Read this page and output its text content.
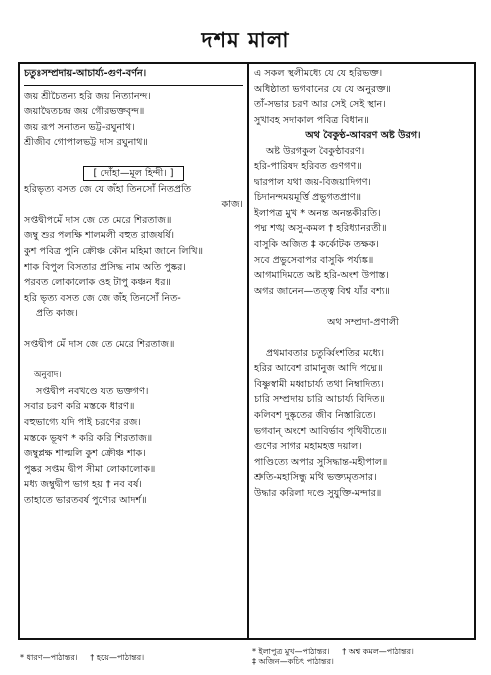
দশম মালা
চতুঃসম্প্রদায়-আচার্য্য-গুণ-বর্ণন।
জয় শ্রীচৈতন্য হরি জয় নিত্যানন্দ।
জয়াদ্বৈতচন্দ্র জয় গৌরভক্তবৃন্দ॥
জয় রূপ সনাতন ভট্ট-রঘুনাথ।
শ্রীজীব গোপালভট্ট দাস রঘুনাথ॥
[ দোঁহা—মূল হিন্দী। ]
হরিভৃত্য বসত জে যে জঁহা তিনসোঁ নিতপ্রতি
কাজ।
সপ্তদ্বীপমেঁ দাস জে তে মেরে শিরতাজ॥
জম্বু শুর পলক্ষি শালমলী বহুত রাজষর্ষি।
কুশ পবিত্র পুনি ক্রৌঞ্চ কৌন মহিমা জানে লিখি॥
শাক বিপুল বিসতার প্রসিদ্ধ নাম অতি পুষ্কর।
পরবত লোকালোক ওহ টাপু কঞ্চন ধর॥
হরি ভৃত্য বসত জে জে জঁহ তিনসোঁ নিত-
প্রতি কাজ।
সপ্তদ্বীপ মেঁ দাস জে তে মেরে শিরতাজ॥
অনুবাদ।
সপ্তদ্বীপ নবখণ্ডে যত ভক্তগণ।
সবার চরণ করি মস্তকে ধারণ॥
বহুভাগ্যে যদি পাই চরণের রজ।
মস্তকে ভূষণ * করি করি শিরতাজ॥
জম্বুপ্লক্ষ শাল্মলি কুশ ক্রৌঞ্চ শাক।
পুষ্কর সপ্তম দ্বীপ সীমা লোকালোক॥
মধ্য জম্বুদ্বীপ ভাগ হয় † নব বর্ষ।
তাহাতে ভারতবর্ষ পুণ্যের আদর্শ॥
এ সকল স্থলীমধ্যে যে যে হরিভক্ত।
অধিষ্ঠাতা ভগবানের যে যে অনুরক্ত॥
তাঁ-সভার চরণ আর সেই সেই স্থান।
সুখাবহ সদাকাল পবিত্র বিধান॥
অথ বৈকুণ্ঠ-আবরণ অষ্ট উরগ।
অষ্ট উরগকুল বৈকুণ্ঠাবরণ।
হরি-পারিষদ হরিবত গুণগণ॥
দ্বারপাল যথা জয়-বিজয়াদিগণ।
চিদানন্দময়মূর্ত্তি প্রভুগতপ্রাণ॥
ইলাপত্র মুখ * অনন্ত অনন্তকীরতি।
পদ্ম শঙ্খ অসু-কমল † হরিধ্যানরতী॥
বাসুকি অজিত ‡ কর্কোটক তক্ষক।
সবে প্রভুসেবাপর বাসুকি পর্য্যঙ্ক॥
আগমাদিমতে অষ্ট হরি-অংশ উপাস্ত।
অগর জানেন—তত্ত্ব বিশ্ব যাঁর বশ্য॥
অথ সম্প্রদা-প্রণালী
প্রথমাবতার চতুর্ব্বিংশতির মধ্যে।
হরির আবেশ রামানুজ আদি পদ্মে॥
বিষ্ণুস্বামী মধ্বাচার্য্য তথা নিম্বাদিত্য।
চারি সম্প্রদায় চারি আচার্য্য বিদিত॥
কলিবশ দুষ্কৃতের জীব নিস্তারিতে।
ভগবান্ অংশে আবির্ভাব পৃথিবীতে॥
গুণের সাগর মহামহত্ত দয়াল।
পাণ্ডিত্যে অপার সুসিদ্ধান্ত-মহীপাল॥
শ্রুতি-মহাসিন্ধু মথি ভক্ত্যমৃতসার।
উদ্ধার করিলা দণ্ডে সুযুক্তি-মন্দার॥
* ধারণ—পাঠান্তর। † হয়ে—পাঠান্তর।
* ইলাপুত্র মুখ—পাঠান্তর। † অশ্ব কমল—পাঠান্তর।
‡ অজিন—কচিৎ পাঠান্তর।
